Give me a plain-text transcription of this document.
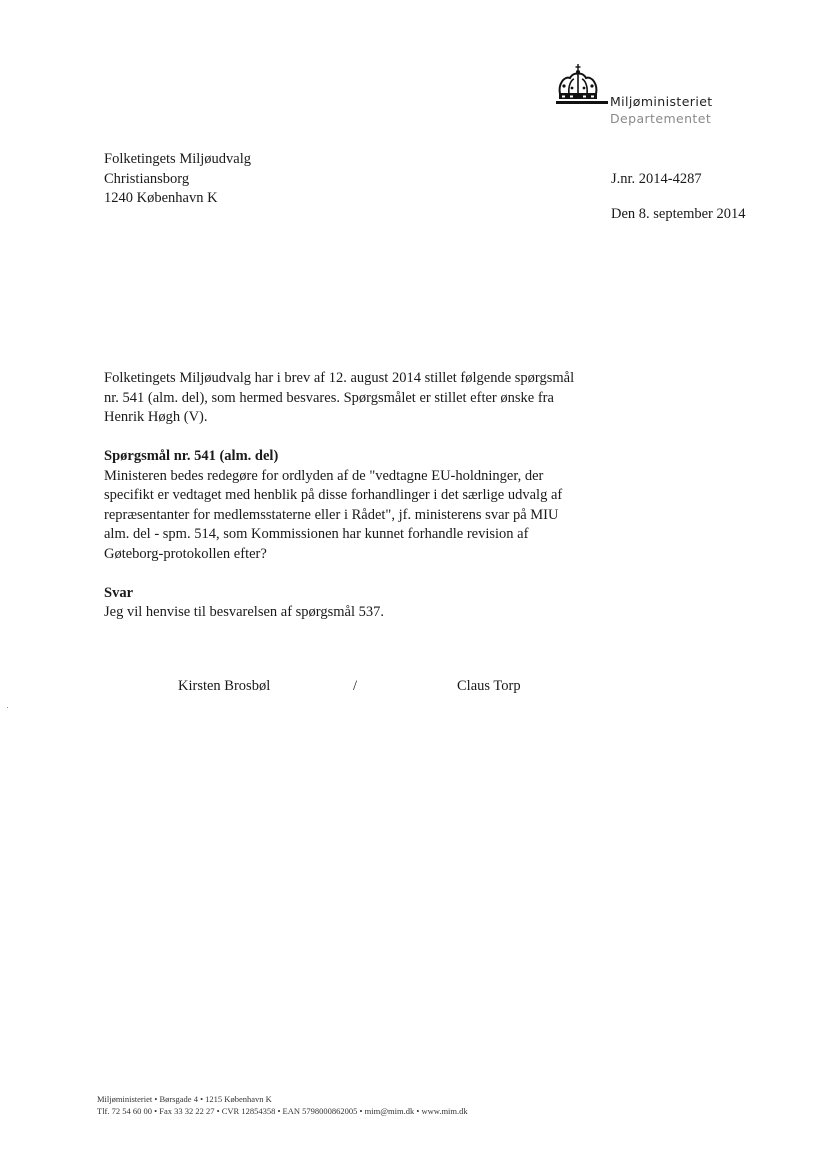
Miljøministeriet
Departementet
Folketingets Miljøudvalg
Christiansborg
1240 København K
J.nr. 2014-4287
Den 8. september 2014

Folketingets Miljøudvalg har i brev af 12. august 2014 stillet følgende spørgsmål

nr. 541 (alm. del), som hermed besvares. Spørgsmålet er stillet efter ønske fra

Henrik Høgh (V).

Spørgsmål nr. 541 (alm. del)

Ministeren bedes redegøre for ordlyden af de "vedtagne EU-holdninger, der

specifikt er vedtaget med henblik på disse forhandlinger i det særlige udvalg af

repræsentanter for medlemsstaterne eller i Rådet", jf. ministerens svar på MIU

alm. del - spm. 514, som Kommissionen har kunnet forhandle revision af

Gøteborg-protokollen efter?

Svar

Jeg vil henvise til besvarelsen af spørgsmål 537.

Kirsten Brosbøl	/	Claus Torp
Miljøministeriet • Børsgade 4 • 1215 København K
Tlf. 72 54 60 00 • Fax 33 32 22 27 • CVR 12854358 • EAN 5798000862005 • mim@mim.dk • www.mim.dk
